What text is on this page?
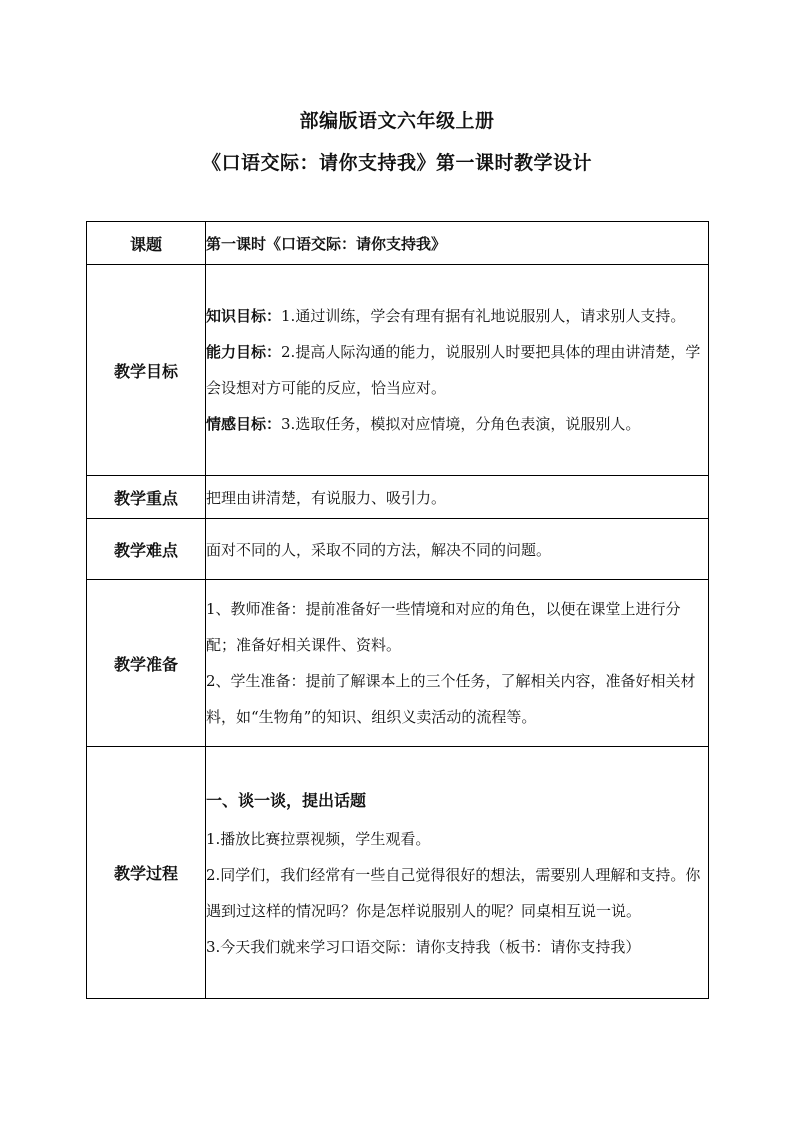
部编版语文六年级上册
《口语交际：请你支持我》第一课时教学设计
课题	第一课时《口语交际：请你支持我》
教学目标	知识目标：1.通过训练，学会有理有据有礼地说服别人，请求别人支持。

能力目标：2.提高人际沟通的能力，说服别人时要把具体的理由讲清楚，学会设想对方可能的反应，恰当应对。

情感目标：3.选取任务，模拟对应情境，分角色表演，说服别人。

教学重点	把理由讲清楚，有说服力、吸引力。
教学难点	面对不同的人，采取不同的方法，解决不同的问题。
教学准备	1、教师准备：提前准备好一些情境和对应的角色，以便在课堂上进行分配；准备好相关课件、资料。

2、学生准备：提前了解课本上的三个任务，了解相关内容，准备好相关材料，如“生物角”的知识、组织义卖活动的流程等。

教学过程	一、谈一谈，提出话题

1.播放比赛拉票视频，学生观看。

2.同学们，我们经常有一些自己觉得很好的想法，需要别人理解和支持。你遇到过这样的情况吗？你是怎样说服别人的呢？同桌相互说一说。

3.今天我们就来学习口语交际：请你支持我（板书：请你支持我）
